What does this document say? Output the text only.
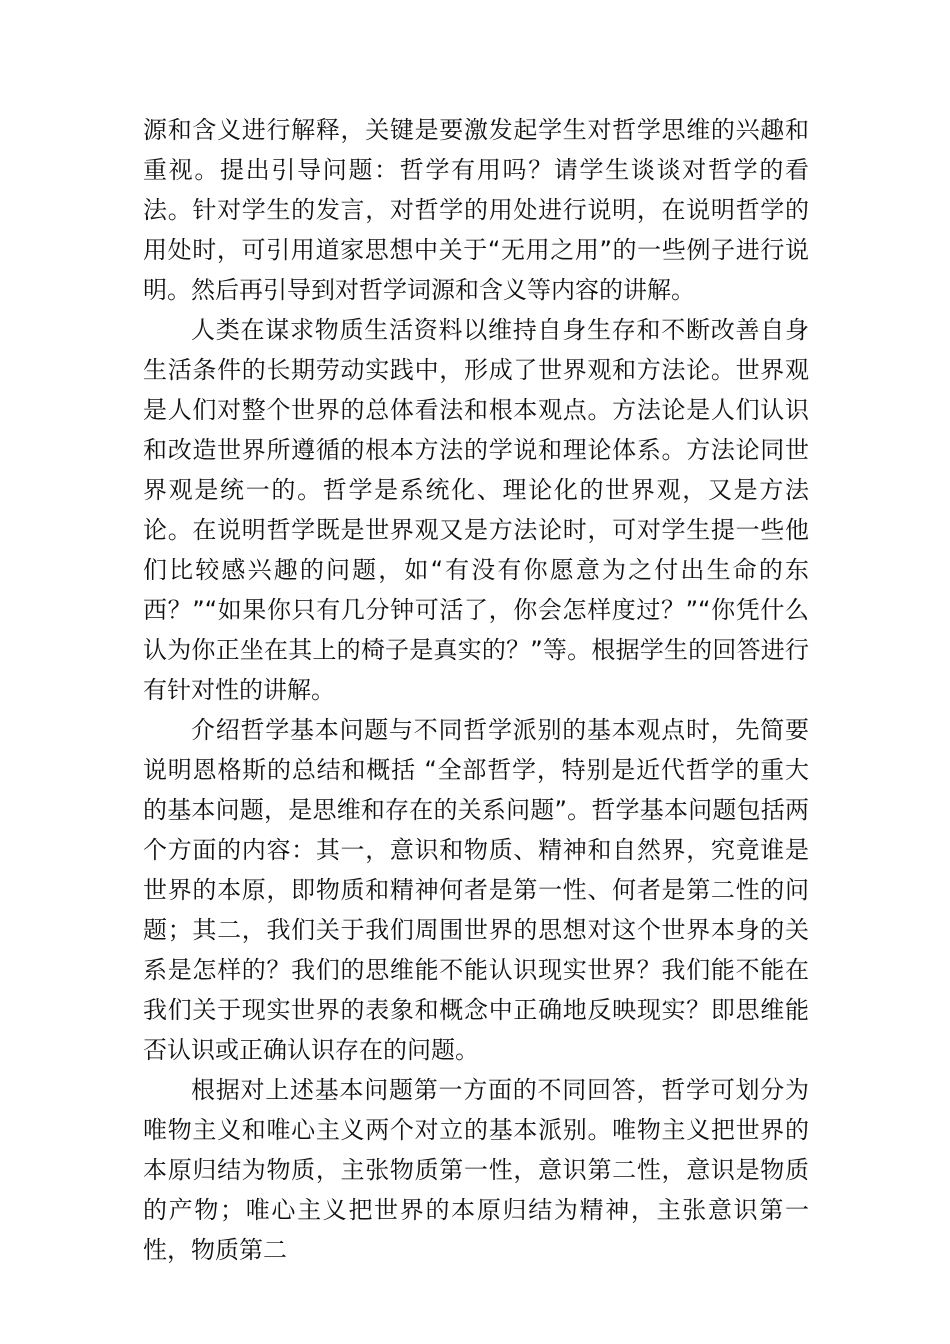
源和含义进行解释，关键是要激发起学生对哲学思维的兴趣和重视。提出引导问题：哲学有用吗？请学生谈谈对哲学的看法。针对学生的发言，对哲学的用处进行说明，在说明哲学的用处时，可引用道家思想中关于“无用之用”的一些例子进行说明。然后再引导到对哲学词源和含义等内容的讲解。

人类在谋求物质生活资料以维持自身生存和不断改善自身生活条件的长期劳动实践中，形成了世界观和方法论。世界观是人们对整个世界的总体看法和根本观点。方法论是人们认识和改造世界所遵循的根本方法的学说和理论体系。方法论同世界观是统一的。哲学是系统化、理论化的世界观，又是方法论。在说明哲学既是世界观又是方法论时，可对学生提一些他们比较感兴趣的问题，如“有没有你愿意为之付出生命的东西？”“如果你只有几分钟可活了，你会怎样度过？”“你凭什么认为你正坐在其上的椅子是真实的？”等。根据学生的回答进行有针对性的讲解。

介绍哲学基本问题与不同哲学派别的基本观点时，先简要说明恩格斯的总结和概括 “全部哲学，特别是近代哲学的重大的基本问题，是思维和存在的关系问题”。哲学基本问题包括两个方面的内容：其一，意识和物质、精神和自然界，究竟谁是世界的本原，即物质和精神何者是第一性、何者是第二性的问题；其二，我们关于我们周围世界的思想对这个世界本身的关系是怎样的？我们的思维能不能认识现实世界？我们能不能在我们关于现实世界的表象和概念中正确地反映现实？即思维能否认识或正确认识存在的问题。

根据对上述基本问题第一方面的不同回答，哲学可划分为唯物主义和唯心主义两个对立的基本派别。唯物主义把世界的本原归结为物质，主张物质第一性，意识第二性，意识是物质的产物；唯心主义把世界的本原归结为精神，主张意识第一性，物质第二
